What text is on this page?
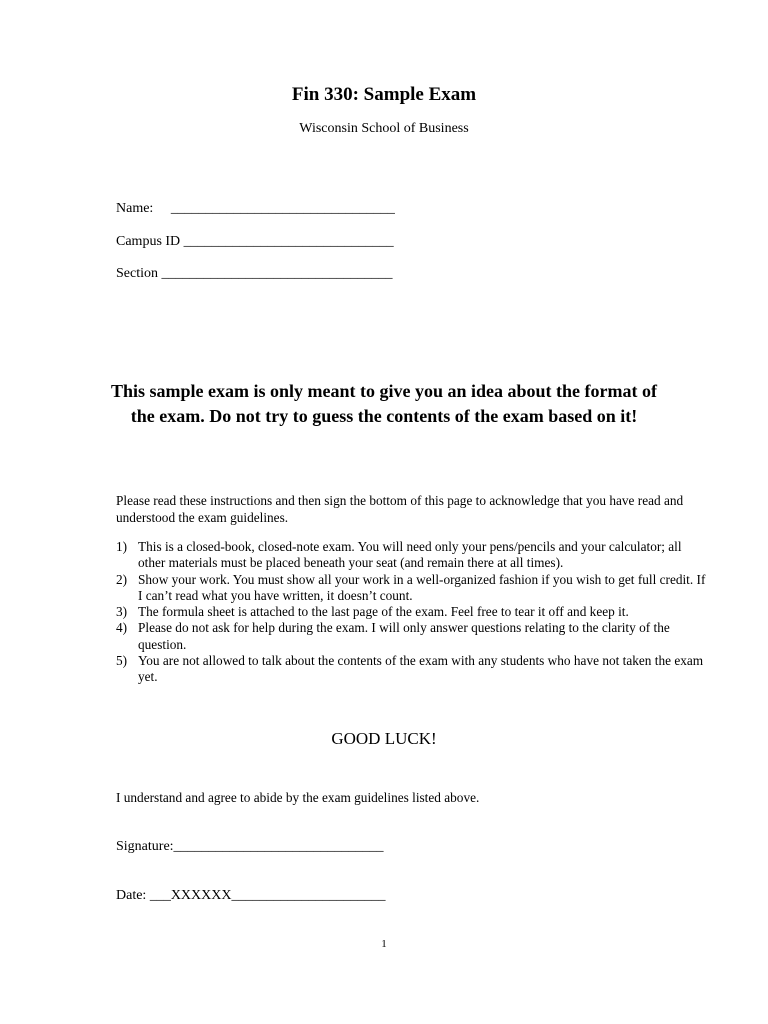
Fin 330: Sample Exam
Wisconsin School of Business
Name:     ________________________________
Campus ID ______________________________
Section _________________________________
This sample exam is only meant to give you an idea about the format of the exam. Do not try to guess the contents of the exam based on it!
Please read these instructions and then sign the bottom of this page to acknowledge that you have read and understood the exam guidelines.
1) This is a closed-book, closed-note exam. You will need only your pens/pencils and your calculator; all other materials must be placed beneath your seat (and remain there at all times).
2) Show your work. You must show all your work in a well-organized fashion if you wish to get full credit. If I can’t read what you have written, it doesn’t count.
3) The formula sheet is attached to the last page of the exam. Feel free to tear it off and keep it.
4) Please do not ask for help during the exam. I will only answer questions relating to the clarity of the question.
5) You are not allowed to talk about the contents of the exam with any students who have not taken the exam yet.
GOOD LUCK!
I understand and agree to abide by the exam guidelines listed above.
Signature:______________________________
Date: ___XXXXXX______________________
1
